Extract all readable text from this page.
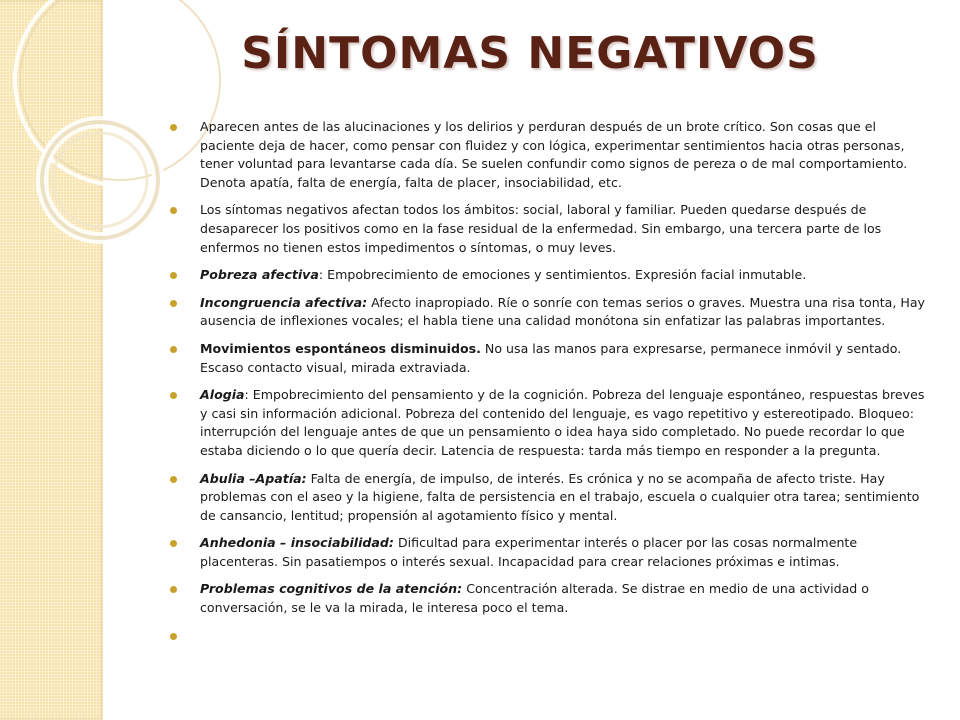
SÍNTOMAS NEGATIVOS
Aparecen antes de las alucinaciones y los delirios y perduran después de un brote crítico. Son cosas que el paciente deja de hacer, como pensar con fluidez y con lógica, experimentar sentimientos hacia otras personas, tener voluntad para levantarse cada día. Se suelen confundir como signos de pereza o de mal comportamiento. Denota apatía, falta de energía, falta de placer, insociabilidad, etc.
Los síntomas negativos afectan todos los ámbitos: social, laboral y familiar. Pueden quedarse después de desaparecer los positivos como en la fase residual de la enfermedad. Sin embargo, una tercera parte de los enfermos no tienen estos impedimentos o síntomas, o muy leves.
Pobreza afectiva: Empobrecimiento de emociones y sentimientos. Expresión facial inmutable.
Incongruencia afectiva: Afecto inapropiado. Ríe o sonríe con temas serios o graves. Muestra una risa tonta, Hay ausencia de inflexiones vocales; el habla tiene una calidad monótona sin enfatizar las palabras importantes.
Movimientos espontáneos disminuidos. No usa las manos para expresarse, permanece inmóvil y sentado. Escaso contacto visual, mirada extraviada.
Alogia: Empobrecimiento del pensamiento y de la cognición. Pobreza del lenguaje espontáneo, respuestas breves y casi sin información adicional. Pobreza del contenido del lenguaje, es vago repetitivo y estereotipado. Bloqueo: interrupción del lenguaje antes de que un pensamiento o idea haya sido completado. No puede recordar lo que estaba diciendo o lo que quería decir. Latencia de respuesta: tarda más tiempo en responder a la pregunta.
Abulia –Apatía: Falta de energía, de impulso, de interés. Es crónica y no se acompaña de afecto triste. Hay problemas con el aseo y la higiene, falta de persistencia en el trabajo, escuela o cualquier otra tarea; sentimiento de cansancio, lentitud; propensión al agotamiento físico y mental.
Anhedonia – insociabilidad: Dificultad para experimentar interés o placer por las cosas normalmente placenteras. Sin pasatiempos o interés sexual. Incapacidad para crear relaciones próximas e intimas.
Problemas cognitivos de la atención: Concentración alterada. Se distrae en medio de una actividad o conversación, se le va la mirada, le interesa poco el tema.
